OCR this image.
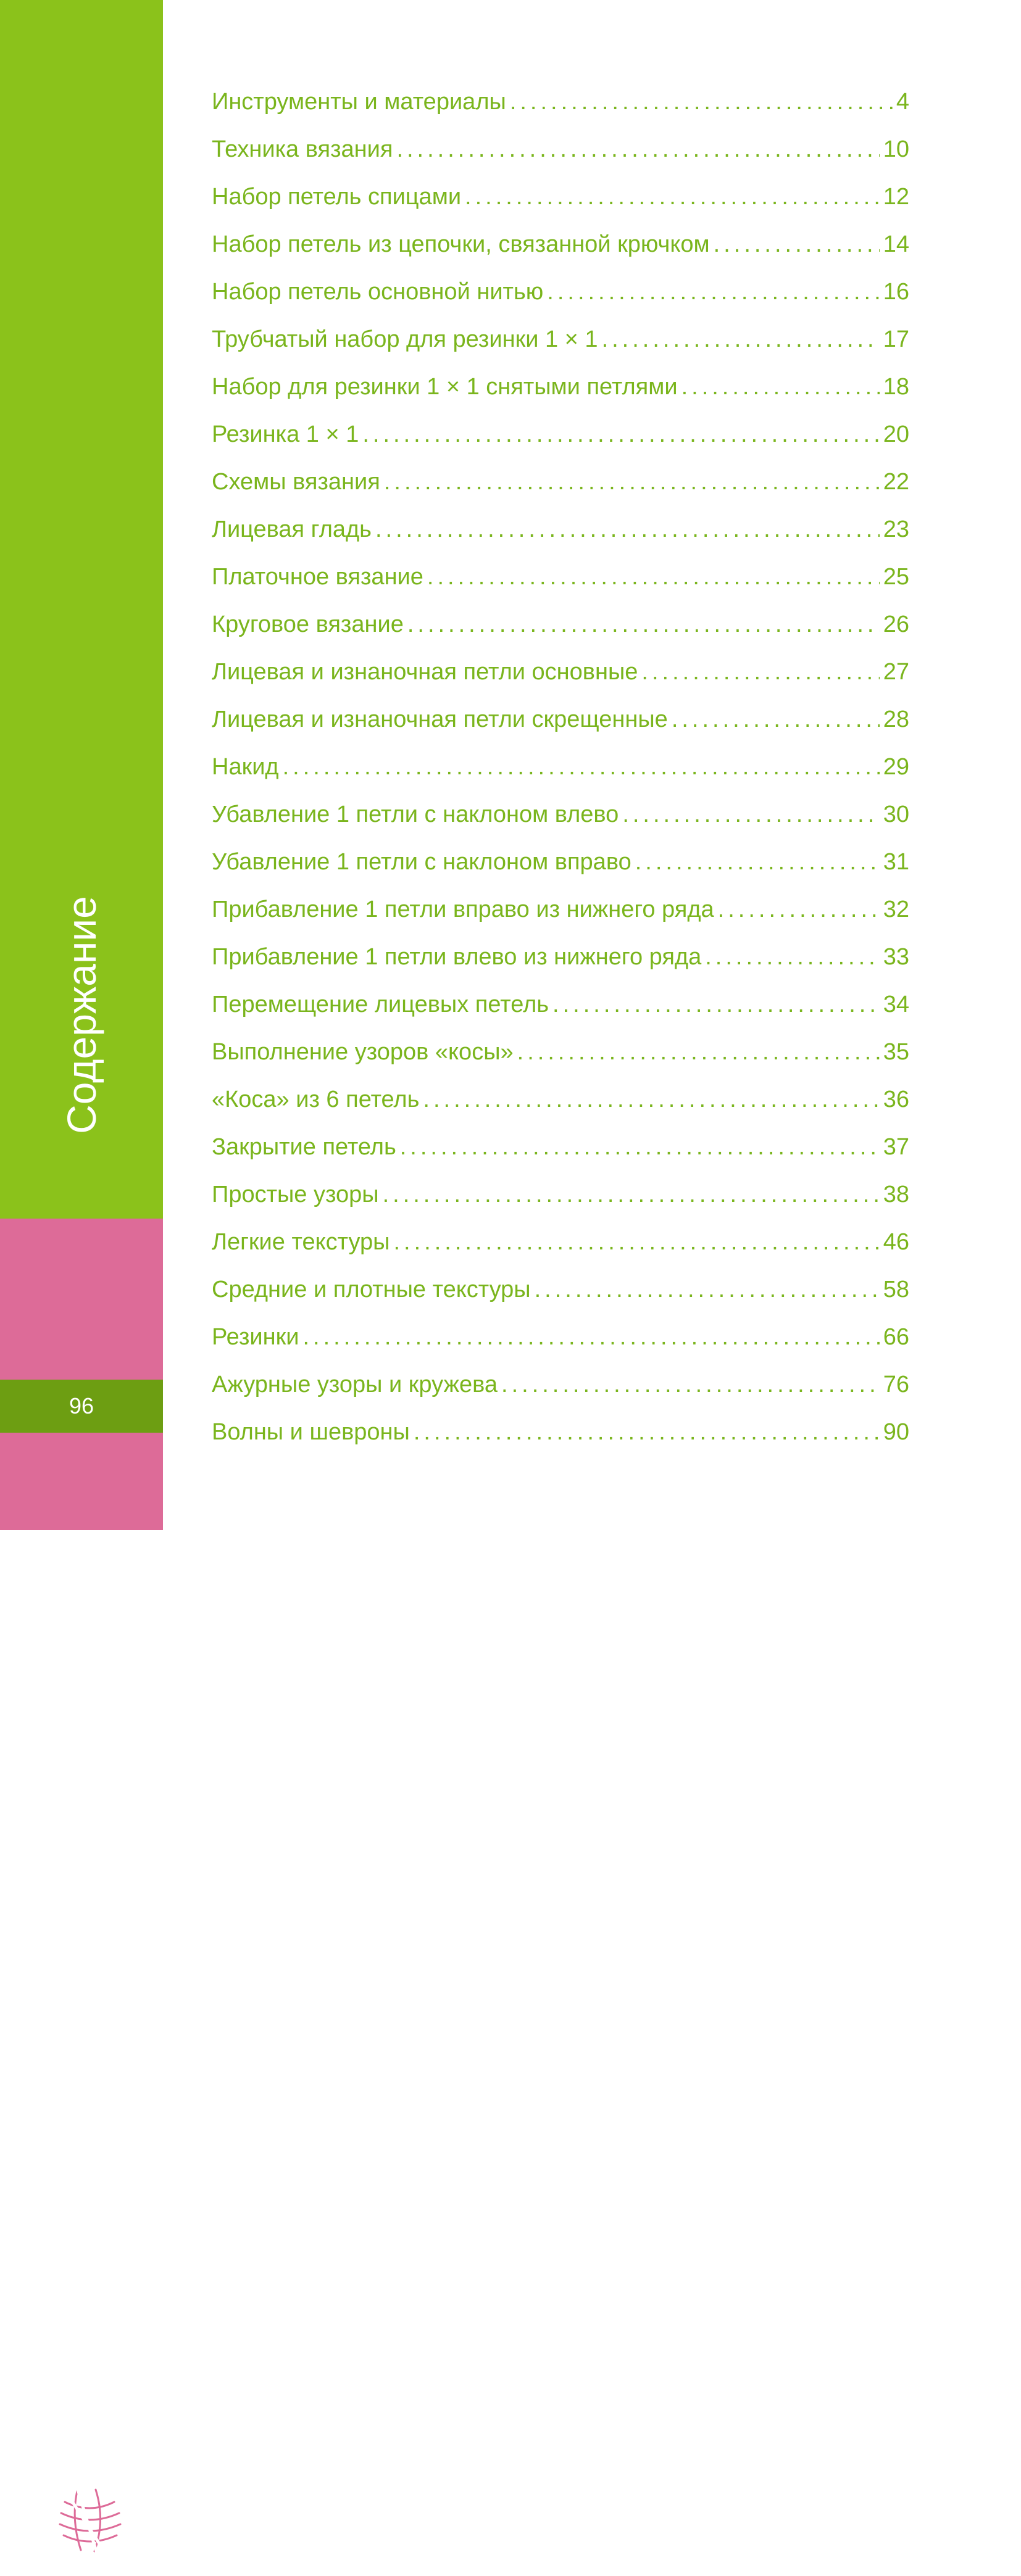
Содержание
96
Инструменты и материалы .....	4
Техника вязания .....	10
Набор петель спицами .....	12
Набор петель из цепочки, связанной крючком .....	14
Набор петель основной нитью .....	16
Трубчатый набор для резинки 1 × 1 .....	17
Набор для резинки 1 × 1 снятыми петлями .....	18
Резинка 1 × 1 .....	20
Схемы вязания .....	22
Лицевая гладь .....	23
Платочное вязание .....	25
Круговое вязание .....	26
Лицевая и изнаночная петли основные .....	27
Лицевая и изнаночная петли скрещенные .....	28
Накид .....	29
Убавление 1 петли с наклоном влево .....	30
Убавление 1 петли с наклоном вправо .....	31
Прибавление 1 петли вправо из нижнего ряда .....	32
Прибавление 1 петли влево из нижнего ряда .....	33
Перемещение лицевых петель .....	34
Выполнение узоров «косы» .....	35
«Коса» из 6 петель .....	36
Закрытие петель .....	37
Простые узоры .....	38
Легкие текстуры .....	46
Средние и плотные текстуры .....	58
Резинки .....	66
Ажурные узоры и кружева .....	76
Волны и шевроны .....	90
